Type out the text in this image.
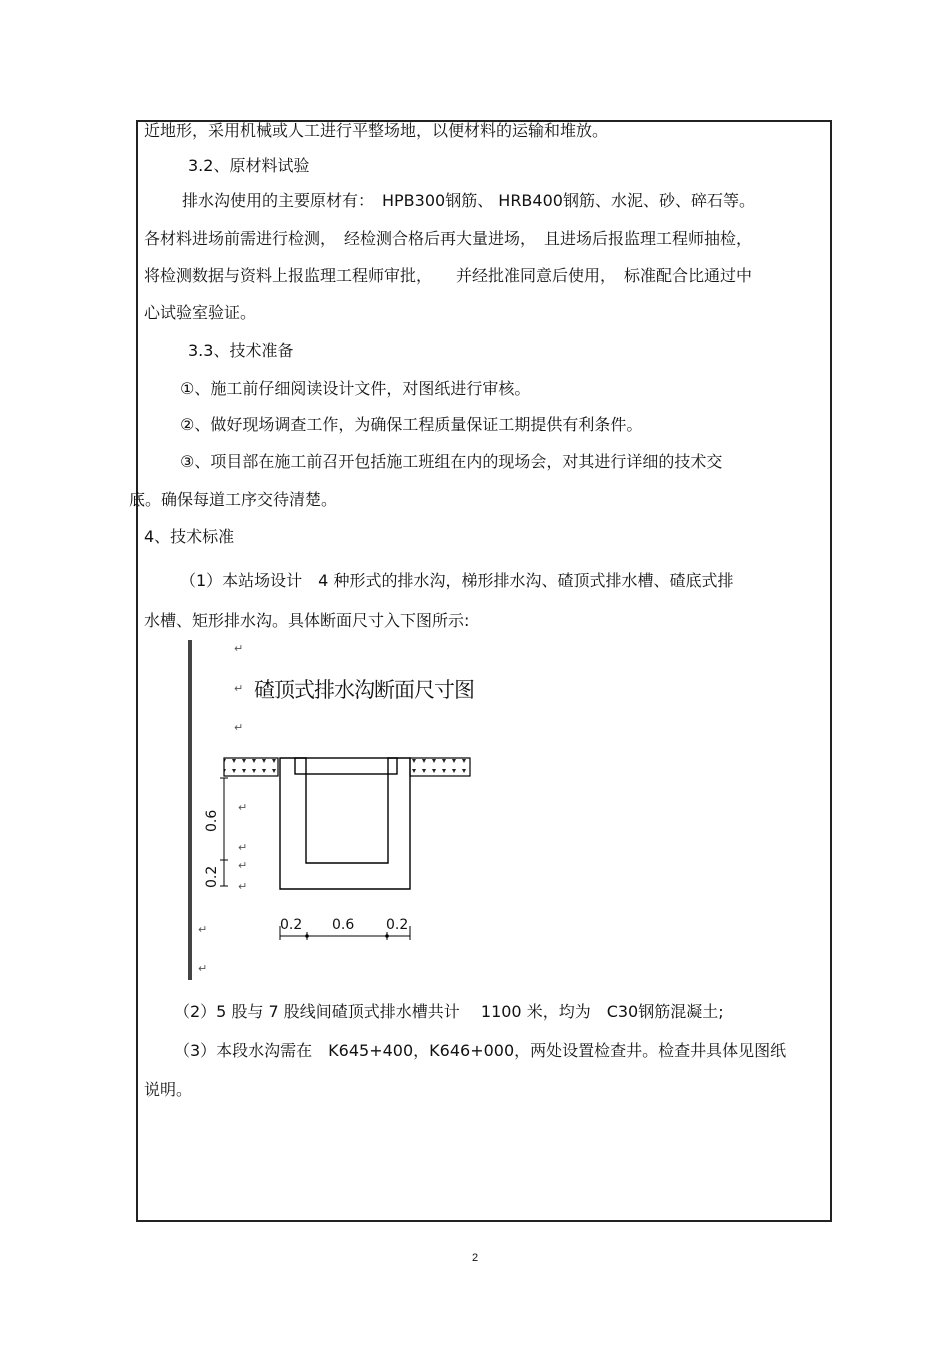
近地形，采用机械或人工进行平整场地，以便材料的运输和堆放。
3.2、原材料试验
排水沟使用的主要原材有：　HPB300钢筋、 HRB400钢筋、水泥、砂、碎石等。
各材料进场前需进行检测，　经检测合格后再大量进场，　且进场后报监理工程师抽检，
将检测数据与资料上报监理工程师审批，　　并经批准同意后使用，　标准配合比通过中
心试验室验证。
3.3、技术准备
①、施工前仔细阅读设计文件，对图纸进行审核。
②、做好现场调查工作，为确保工程质量保证工期提供有利条件。
③、项目部在施工前召开包括施工班组在内的现场会，对其进行详细的技术交
底。确保每道工序交待清楚。
4、技术标准
（1）本站场设计　4 种形式的排水沟，梯形排水沟、碴顶式排水槽、碴底式排
水槽、矩形排水沟。具体断面尺寸入下图所示:
↵
↵
↵
碴顶式排水沟断面尺寸图
0.6
0.2
↵
↵
↵
↵
0.2 0.6 0.2
↵
↵
（2）5 股与 7 股线间碴顶式排水槽共计　 1100 米，均为　C30钢筋混凝土;
（3）本段水沟需在　K645+400，K646+000，两处设置检查井。检查井具体见图纸
说明。
2
